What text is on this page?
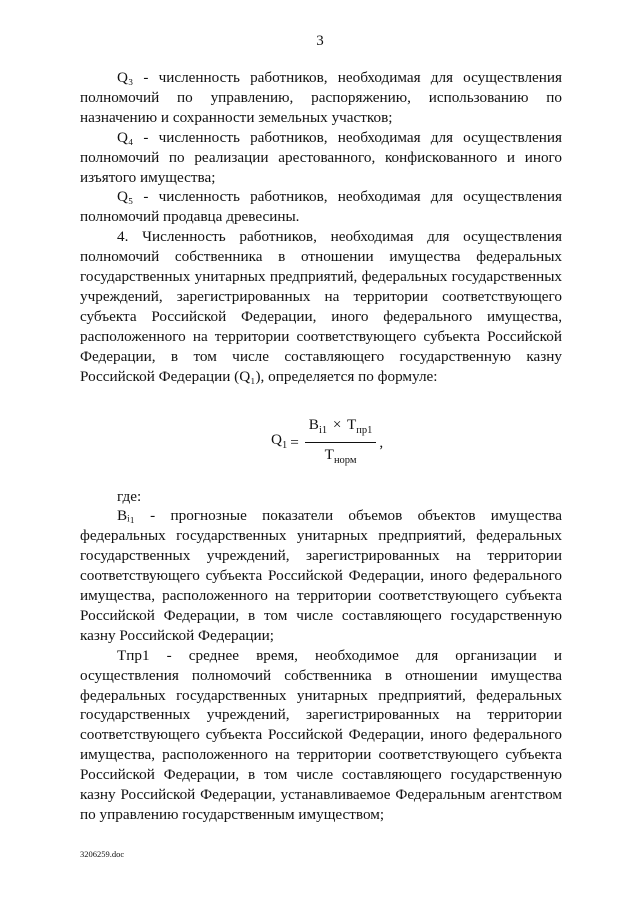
3

Q₃ - численность работников, необходимая для осуществления полномочий по управлению, распоряжению, использованию по назначению и сохранности земельных участков;

Q₄ - численность работников, необходимая для осуществления полномочий по реализации арестованного, конфискованного и иного изъятого имущества;

Q₅ - численность работников, необходимая для осуществления полномочий продавца древесины.

4. Численность работников, необходимая для осуществления полномочий собственника в отношении имущества федеральных государственных унитарных предприятий, федеральных государственных учреждений, зарегистрированных на территории соответствующего субъекта Российской Федерации, иного федерального имущества, расположенного на территории соответствующего субъекта Российской Федерации, в том числе составляющего государственную казну Российской Федерации (Q₁), определяется по формуле:

$Q_1 = \frac{B_{i1} \times T_{пр1}}{T_{норм}}$ ,

где:

Bᵢ₁ - прогнозные показатели объемов объектов имущества федеральных государственных унитарных предприятий, федеральных государственных учреждений, зарегистрированных на территории соответствующего субъекта Российской Федерации, иного федерального имущества, расположенного на территории соответствующего субъекта Российской Федерации, в том числе составляющего государственную казну Российской Федерации;

Tпр1 - среднее время, необходимое для организации и осуществления полномочий собственника в отношении имущества федеральных государственных унитарных предприятий, федеральных государственных учреждений, зарегистрированных на территории соответствующего субъекта Российской Федерации, иного федерального имущества, расположенного на территории соответствующего субъекта Российской Федерации, в том числе составляющего государственную казну Российской Федерации, устанавливаемое Федеральным агентством по управлению государственным имуществом;

3206259.doc
